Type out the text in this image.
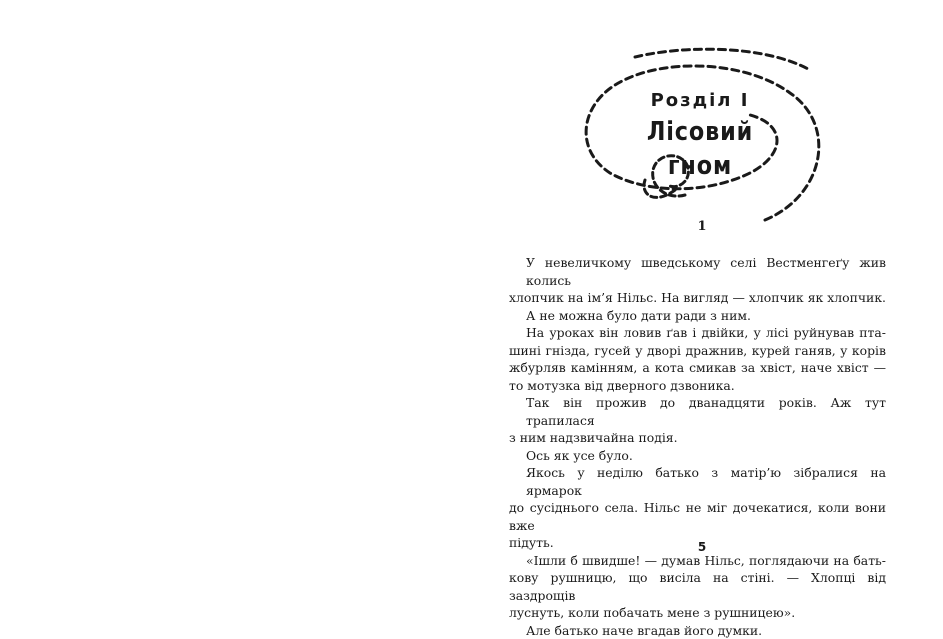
Розділ I
Лісовий гном
1

У невеличкому шведському селі Вестменгеґу жив колись
хлопчик на ім’я Нільс. На вигляд — хлопчик як хлопчик.

А не можна було дати ради з ним.

На уроках він ловив ґав і двійки, у лісі руйнував пта-
шині гнізда, гусей у дворі дражнив, курей ганяв, у корів
жбурляв камінням, а кота смикав за хвіст, наче хвіст —
то мотузка від дверного дзвоника.

Так він прожив до дванадцяти років. Аж тут трапилася
з ним надзвичайна подія.

Ось як усе було.

Якось у неділю батько з матір’ю зібралися на ярмарок
до сусіднього села. Нільс не міг дочекатися, коли вони вже
підуть.

«Ішли б швидше! — думав Нільс, поглядаючи на бать-
кову рушницю, що висіла на стіні. — Хлопці від заздрощів
луснуть, коли побачать мене з рушницею».

Але батько наче вгадав його думки.

5
